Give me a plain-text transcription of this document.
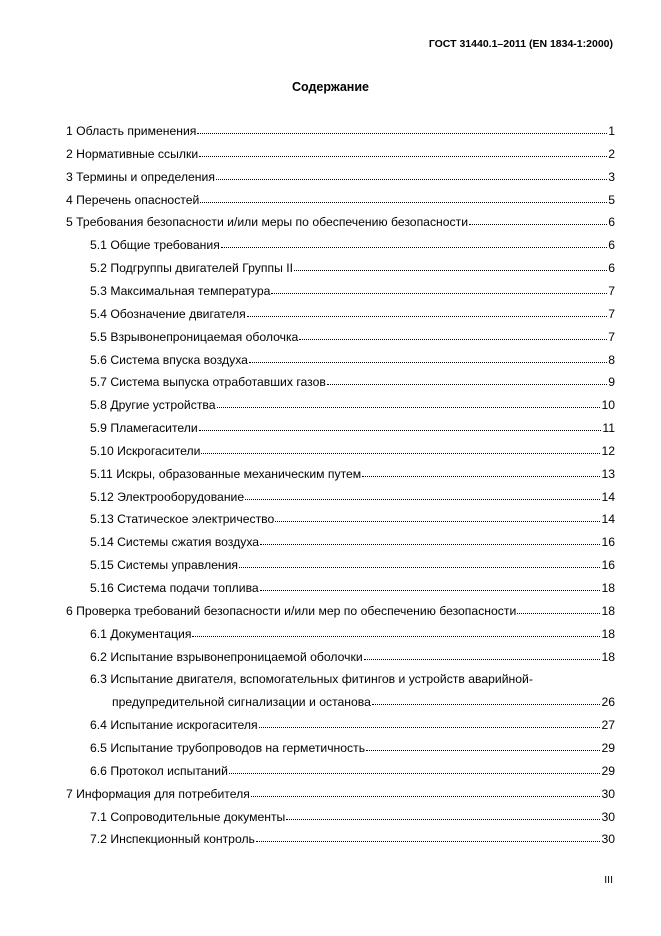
ГОСТ 31440.1–2011 (EN 1834-1:2000)
Содержание
1 Область применения	1
2 Нормативные ссылки	2
3 Термины и определения	3
4 Перечень опасностей	5
5 Требования безопасности и/или меры по обеспечению безопасности	6
5.1 Общие требования	6
5.2 Подгруппы двигателей Группы II	6
5.3 Максимальная температура	7
5.4 Обозначение двигателя	7
5.5 Взрывонепроницаемая оболочка	7
5.6 Система впуска воздуха	8
5.7 Система выпуска отработавших газов	9
5.8 Другие устройства	10
5.9 Пламегасители	11
5.10 Искрогасители	12
5.11 Искры, образованные механическим путем	13
5.12 Электрооборудование	14
5.13 Статическое электричество	14
5.14 Системы сжатия воздуха	16
5.15 Системы управления	16
5.16 Система подачи топлива	18
6 Проверка требований безопасности и/или мер по обеспечению безопасности	18
6.1 Документация	18
6.2 Испытание взрывонепроницаемой оболочки	18
6.3 Испытание двигателя, вспомогательных фитингов и устройств аварийной-
предупредительной сигнализации и останова	26
6.4 Испытание искрогасителя	27
6.5 Испытание трубопроводов на герметичность	29
6.6 Протокол испытаний	29
7 Информация для потребителя	30
7.1 Сопроводительные документы	30
7.2 Инспекционный контроль	30
III
